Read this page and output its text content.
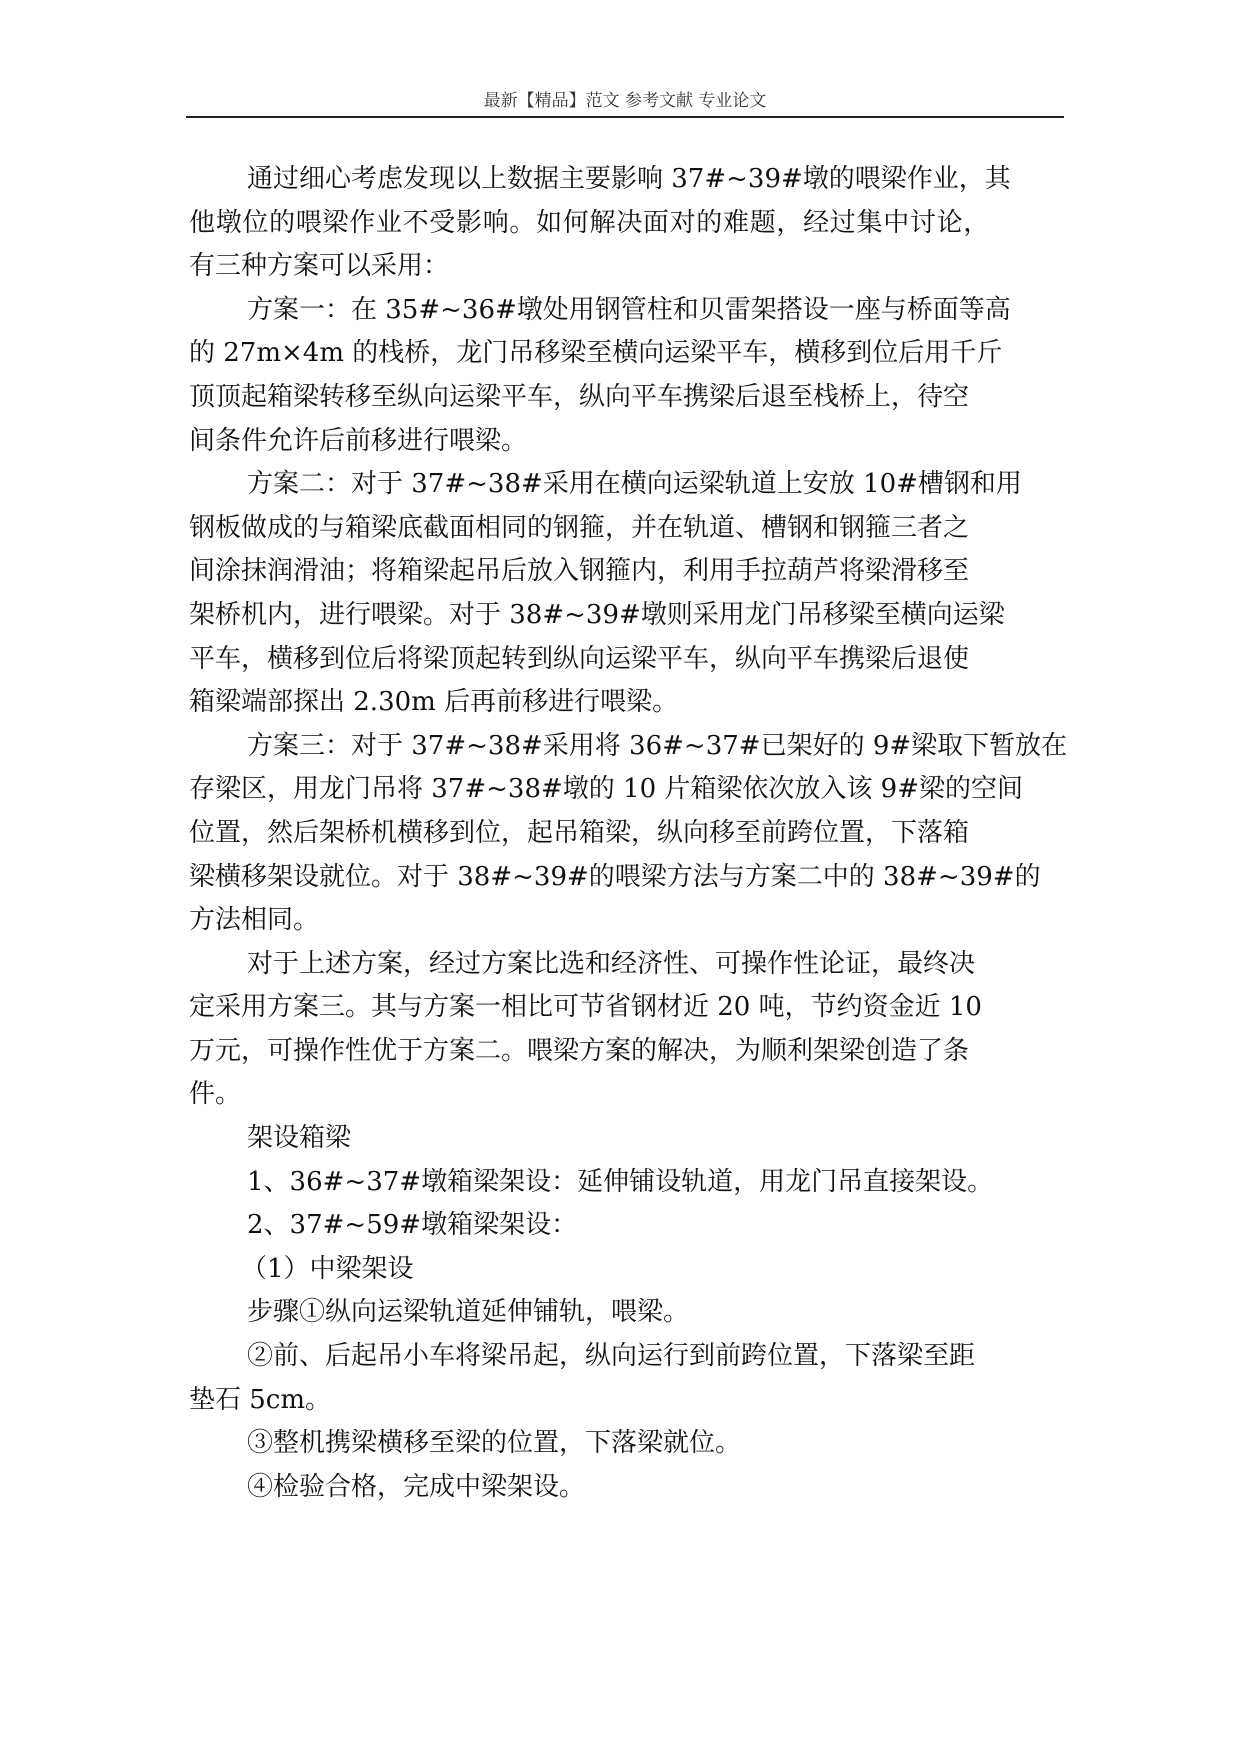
最新【精品】范文 参考文献 专业论文
通过细心考虑发现以上数据主要影响 37#~39#墩的喂梁作业，其
他墩位的喂梁作业不受影响。如何解决面对的难题，经过集中讨论，
有三种方案可以采用：
方案一：在 35#~36#墩处用钢管柱和贝雷架搭设一座与桥面等高
的 27m×4m 的栈桥，龙门吊移梁至横向运梁平车，横移到位后用千斤
顶顶起箱梁转移至纵向运梁平车，纵向平车携梁后退至栈桥上，待空
间条件允许后前移进行喂梁。
方案二：对于 37#~38#采用在横向运梁轨道上安放 10#槽钢和用
钢板做成的与箱梁底截面相同的钢箍，并在轨道、槽钢和钢箍三者之
间涂抹润滑油；将箱梁起吊后放入钢箍内，利用手拉葫芦将梁滑移至
架桥机内，进行喂梁。对于 38#~39#墩则采用龙门吊移梁至横向运梁
平车，横移到位后将梁顶起转到纵向运梁平车，纵向平车携梁后退使
箱梁端部探出 2.30m 后再前移进行喂梁。
方案三：对于 37#~38#采用将 36#~37#已架好的 9#梁取下暂放在
存梁区，用龙门吊将 37#~38#墩的 10 片箱梁依次放入该 9#梁的空间
位置，然后架桥机横移到位，起吊箱梁，纵向移至前跨位置，下落箱
梁横移架设就位。对于 38#~39#的喂梁方法与方案二中的 38#~39#的
方法相同。
对于上述方案，经过方案比选和经济性、可操作性论证，最终决
定采用方案三。其与方案一相比可节省钢材近 20 吨，节约资金近 10
万元，可操作性优于方案二。喂梁方案的解决，为顺利架梁创造了条
件。
架设箱梁
1、36#~37#墩箱梁架设：延伸铺设轨道，用龙门吊直接架设。
2、37#~59#墩箱梁架设：
（1）中梁架设
步骤①纵向运梁轨道延伸铺轨，喂梁。
②前、后起吊小车将梁吊起，纵向运行到前跨位置，下落梁至距
垫石 5cm。
③整机携梁横移至梁的位置，下落梁就位。
④检验合格，完成中梁架设。
